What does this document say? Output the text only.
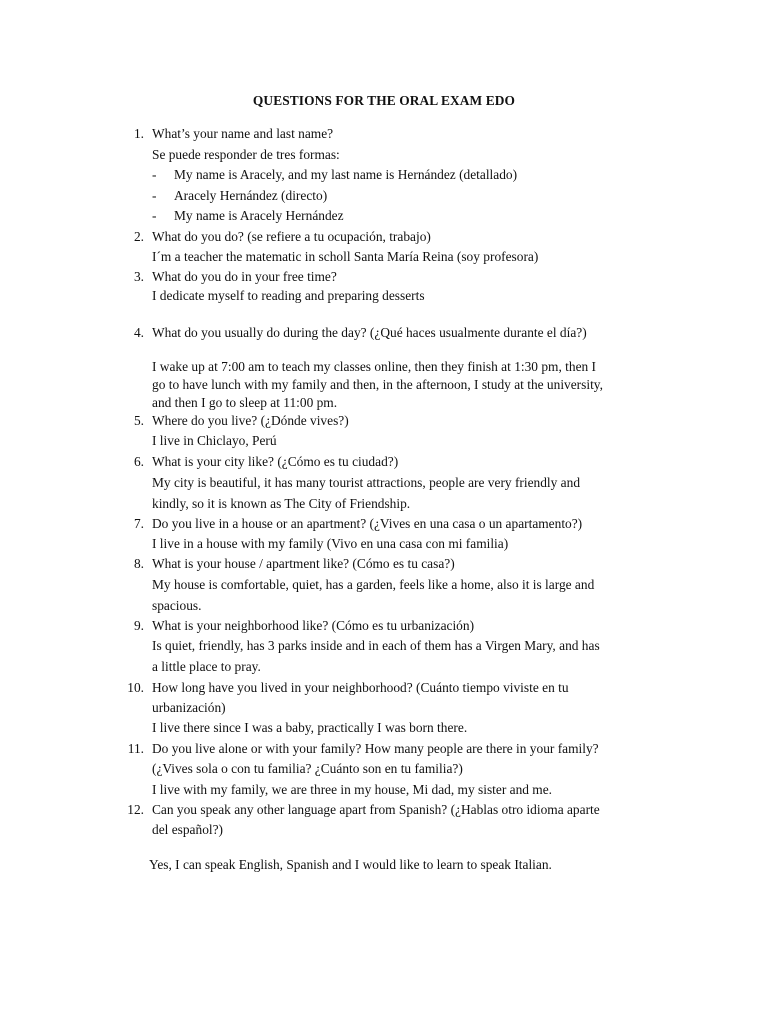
QUESTIONS FOR THE ORAL EXAM EDO
1. What’s your name and last name?
Se puede responder de tres formas:
- My name is Aracely, and my last name is Hernández (detallado)
- Aracely Hernández (directo)
- My name is Aracely Hernández
2. What do you do? (se refiere a tu ocupación, trabajo)
I´m a teacher the matematic in scholl Santa María Reina (soy profesora)
3. What do you do in your free time?
I dedicate myself to reading and preparing desserts
4. What do you usually do during the day? (¿Qué haces usualmente durante el día?)
I wake up at 7:00 am to teach my classes online, then they finish at 1:30 pm, then I
go to have lunch with my family and then, in the afternoon, I study at the university,
and then I go to sleep at 11:00 pm.
5. Where do you live? (¿Dónde vives?)
I live in Chiclayo, Perú
6. What is your city like? (¿Cómo es tu ciudad?)
My city is beautiful, it has many tourist attractions, people are very friendly and
kindly, so it is known as The City of Friendship.
7. Do you live in a house or an apartment? (¿Vives en una casa o un apartamento?)
I live in a house with my family (Vivo en una casa con mi familia)
8. What is your house / apartment like? (Cómo es tu casa?)
My house is comfortable, quiet, has a garden, feels like a home, also it is large and
spacious.
9. What is your neighborhood like? (Cómo es tu urbanización)
Is quiet, friendly, has 3 parks inside and in each of them has a Virgen Mary, and has
a little place to pray.
10. How long have you lived in your neighborhood? (Cuánto tiempo viviste en tu
urbanización)
I live there since I was a baby, practically I was born there.
11. Do you live alone or with your family? How many people are there in your family?
(¿Vives sola o con tu familia? ¿Cuánto son en tu familia?)
I live with my family, we are three in my house, Mi dad, my sister and me.
12. Can you speak any other language apart from Spanish? (¿Hablas otro idioma aparte
del español?)
Yes, I can speak English, Spanish and I would like to learn to speak Italian.
